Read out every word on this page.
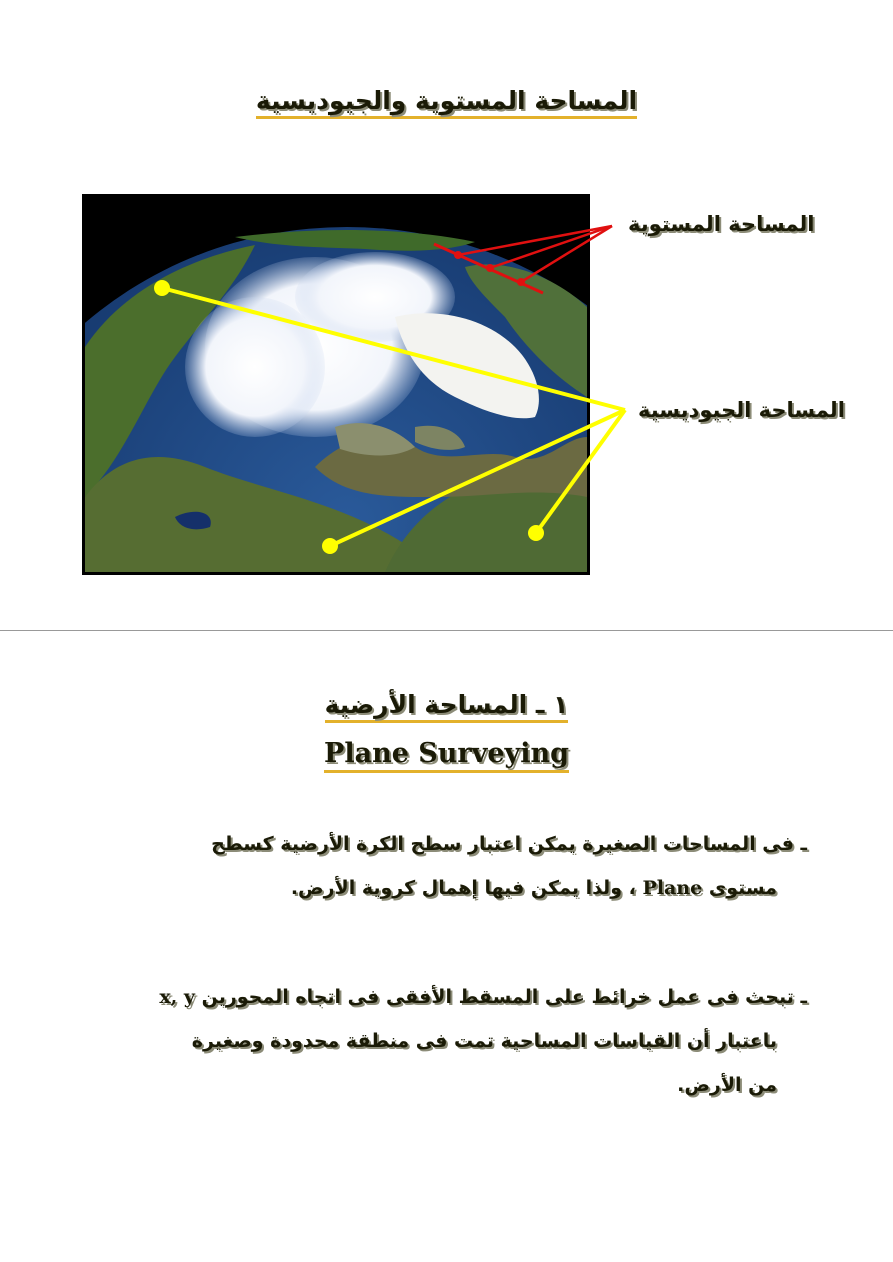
المساحة المستوية والجيوديسية
المساحة المستوية
المساحة الجيوديسية
١ ـ المساحة الأرضية
Plane Surveying
ـ فى المساحات الصغيرة يمكن اعتبار سطح الكرة الأرضية كسطح
مستوى Plane ، ولذا يمكن فيها إهمال كروية الأرض.
ـ تبحث فى عمل خرائط على المسقط الأفقى فى اتجاه المحورين x, y
باعتبار أن القياسات المساحية تمت فى منطقة محدودة وصغيرة
من الأرض.
